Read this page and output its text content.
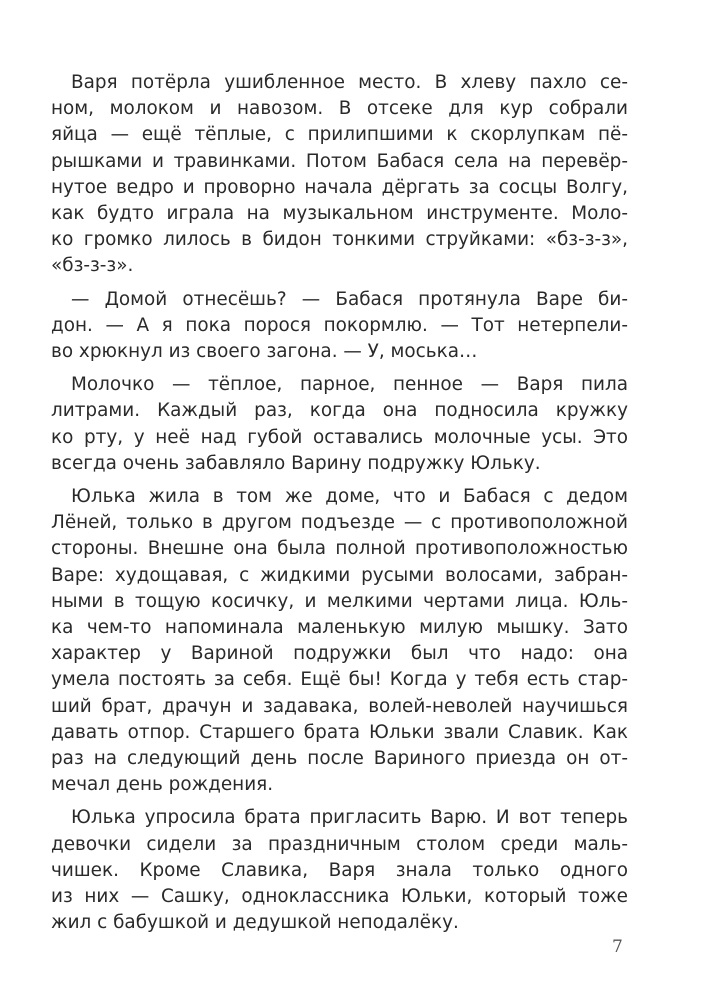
Варя потёрла ушибленное место. В хлеву пахло се-
ном, молоком и навозом. В отсеке для кур собрали
яйца — ещё тёплые, с прилипшими к скорлупкам пё-
рышками и травинками. Потом Бабася села на перевёр-
нутое ведро и проворно начала дёргать за сосцы Волгу,
как будто играла на музыкальном инструменте. Моло-
ко громко лилось в бидон тонкими струйками: «бз-з-з»,
«бз-з-з».
— Домой отнесёшь? — Бабася протянула Варе би-
дон. — А я пока порося покормлю. — Тот нетерпели-
во хрюкнул из своего загона. — У, моська…
Молочко — тёплое, парное, пенное — Варя пила
литрами. Каждый раз, когда она подносила кружку
ко рту, у неё над губой оставались молочные усы. Это
всегда очень забавляло Варину подружку Юльку.
Юлька жила в том же доме, что и Бабася с дедом
Лёней, только в другом подъезде — с противоположной
стороны. Внешне она была полной противоположностью
Варе: худощавая, с жидкими русыми волосами, забран-
ными в тощую косичку, и мелкими чертами лица. Юль-
ка чем-то напоминала маленькую милую мышку. Зато
характер у Вариной подружки был что надо: она
умела постоять за себя. Ещё бы! Когда у тебя есть стар-
ший брат, драчун и задавака, волей-неволей научишься
давать отпор. Старшего брата Юльки звали Славик. Как
раз на следующий день после Вариного приезда он от-
мечал день рождения.
Юлька упросила брата пригласить Варю. И вот теперь
девочки сидели за праздничным столом среди маль-
чишек. Кроме Славика, Варя знала только одного
из них — Сашку, одноклассника Юльки, который тоже
жил с бабушкой и дедушкой неподалёку.
7
